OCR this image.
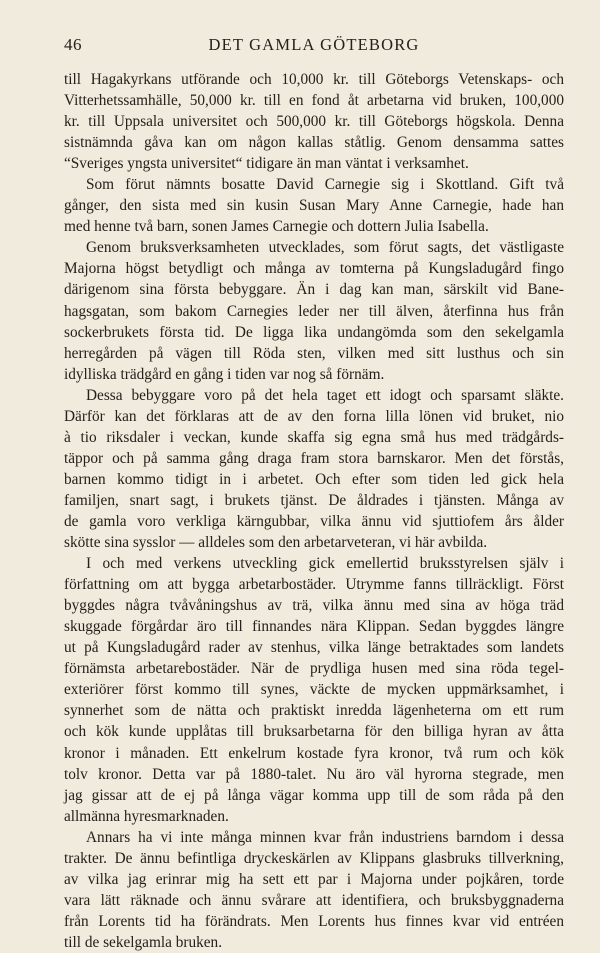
46	DET GAMLA GÖTEBORG
till Hagakyrkans utförande och 10,000 kr. till Göteborgs Vetenskaps- och
Vitterhetssamhälle, 50,000 kr. till en fond åt arbetarna vid bruken, 100,000
kr. till Uppsala universitet och 500,000 kr. till Göteborgs högskola. Denna
sistnämnda gåva kan om någon kallas ståtlig. Genom densamma sattes
“Sveriges yngsta universitet“ tidigare än man väntat i verksamhet.
Som förut nämnts bosatte David Carnegie sig i Skottland. Gift två
gånger, den sista med sin kusin Susan Mary Anne Carnegie, hade han
med henne två barn, sonen James Carnegie och dottern Julia Isabella.
Genom bruksverksamheten utvecklades, som förut sagts, det västligaste
Majorna högst betydligt och många av tomterna på Kungsladugård fingo
därigenom sina första bebyggare. Än i dag kan man, särskilt vid Bane-
hagsgatan, som bakom Carnegies leder ner till älven, återfinna hus från
sockerbrukets första tid. De ligga lika undangömda som den sekelgamla
herregården på vägen till Röda sten, vilken med sitt lusthus och sin
idylliska trädgård en gång i tiden var nog så förnäm.
Dessa bebyggare voro på det hela taget ett idogt och sparsamt släkte.
Därför kan det förklaras att de av den forna lilla lönen vid bruket, nio
à tio riksdaler i veckan, kunde skaffa sig egna små hus med trädgårds-
täppor och på samma gång draga fram stora barnskaror. Men det förstås,
barnen kommo tidigt in i arbetet. Och efter som tiden led gick hela
familjen, snart sagt, i brukets tjänst. De åldrades i tjänsten. Många av
de gamla voro verkliga kärngubbar, vilka ännu vid sjuttiofem års ålder
skötte sina sysslor — alldeles som den arbetarveteran, vi här avbilda.
I och med verkens utveckling gick emellertid bruksstyrelsen själv i
författning om att bygga arbetarbostäder. Utrymme fanns tillräckligt. Först
byggdes några tvåvåningshus av trä, vilka ännu med sina av höga träd
skuggade förgårdar äro till finnandes nära Klippan. Sedan byggdes längre
ut på Kungsladugård rader av stenhus, vilka länge betraktades som landets
förnämsta arbetarebostäder. När de prydliga husen med sina röda tegel-
exteriörer först kommo till synes, väckte de mycken uppmärksamhet, i
synnerhet som de nätta och praktiskt inredda lägenheterna om ett rum
och kök kunde upplåtas till bruksarbetarna för den billiga hyran av åtta
kronor i månaden. Ett enkelrum kostade fyra kronor, två rum och kök
tolv kronor. Detta var på 1880-talet. Nu äro väl hyrorna stegrade, men
jag gissar att de ej på långa vägar komma upp till de som råda på den
allmänna hyresmarknaden.
Annars ha vi inte många minnen kvar från industriens barndom i dessa
trakter. De ännu befintliga dryckeskärlen av Klippans glasbruks tillverkning,
av vilka jag erinrar mig ha sett ett par i Majorna under pojkåren, torde
vara lätt räknade och ännu svårare att identifiera, och bruksbyggnaderna
från Lorents tid ha förändrats. Men Lorents hus finnes kvar vid entréen
till de sekelgamla bruken.
